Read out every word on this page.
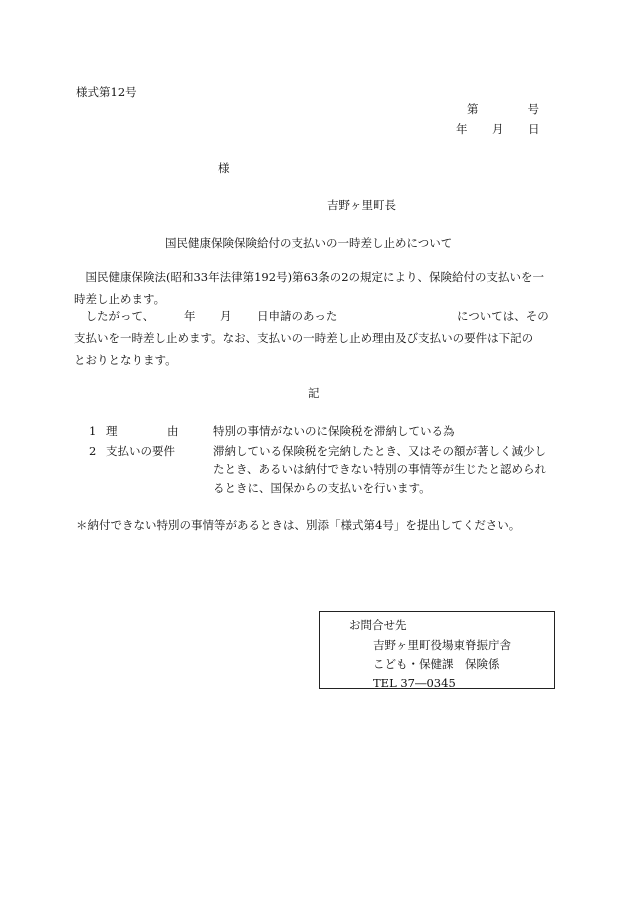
様式第12号
第	号
年 月 日
様
吉野ヶ里町長
国民健康保険保険給付の支払いの一時差し止めについて
　国民健康保険法(昭和33年法律第192号)第63条の2の規定により、保険給付の支払いを一
時差し止めます。
　したがって、	年 月 日申請のあった	については、その
支払いを一時差し止めます。なお、支払いの一時差し止め理由及び支払いの要件は下記の
とおりとなります。
記
1 理	由	特別の事情がないのに保険税を滞納している為
2 支払いの要件	滞納している保険税を完納したとき、又はその額が著しく減少し
たとき、あるいは納付できない特別の事情等が生じたと認められ
るときに、国保からの支払いを行います。
＊納付できない特別の事情等があるときは、別添「様式第4号」を提出してください。
お問合せ先
吉野ヶ里町役場東脊振庁舎
こども・保健課　保険係
TEL 37―0345
